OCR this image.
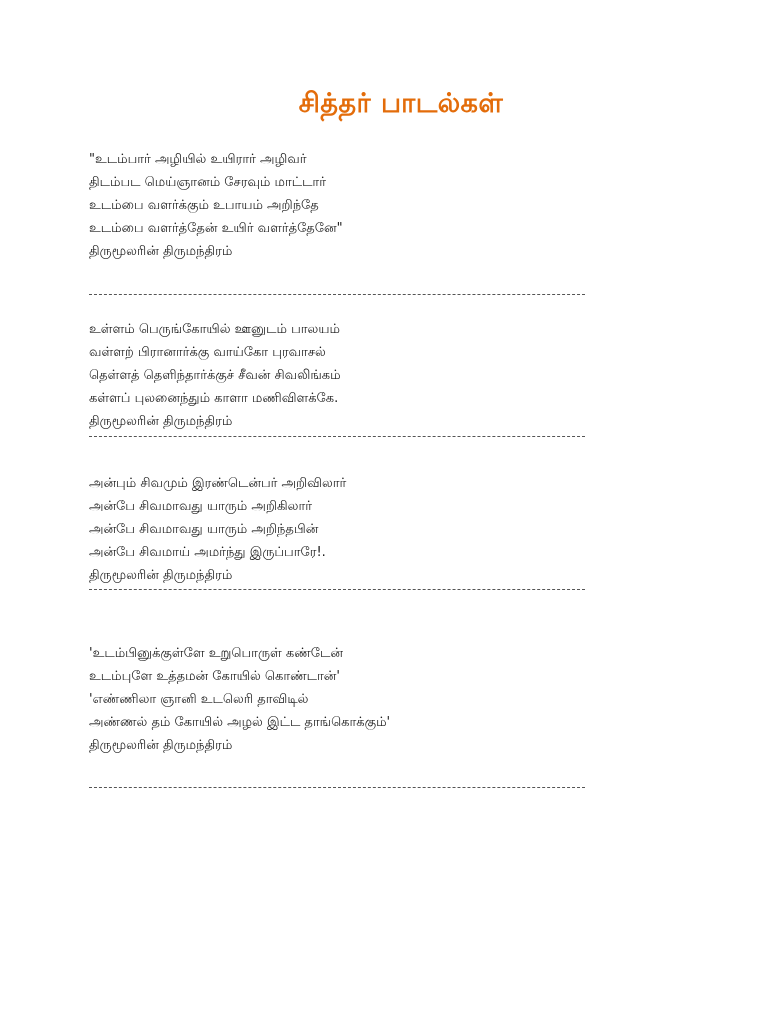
சித்தர் பாடல்கள்
"உடம்பார் அழியில் உயிரார் அழிவர்
திடம்பட மெய்ஞானம் சேரவும் மாட்டார்
உடம்பை வளர்க்கும் உபாயம் அறிந்தே
உடம்பை வளர்த்தேன் உயிர் வளர்த்தேனே"
திருமூலரின் திருமந்திரம்
உள்ளம் பெருங்கோயில் ஊனுடம் பாலயம்
வள்ளற் பிரானார்க்கு வாய்கோ புரவாசல்
தெள்ளத் தெளிந்தார்க்குச் சீவன் சிவலிங்கம்
கள்ளப் புலனைந்தும் காளா மணிவிளக்கே.
திருமூலரின் திருமந்திரம்
அன்பும் சிவமும் இரண்டென்பர் அறிவிலார்
அன்பே சிவமாவது யாரும் அறிகிலார்
அன்பே சிவமாவது யாரும் அறிந்தபின்
அன்பே சிவமாய் அமர்ந்து இருப்பாரே!.
திருமூலரின் திருமந்திரம்
'உடம்பினுக்குள்ளே உறுபொருள் கண்டேன்
உடம்புளே உத்தமன் கோயில் கொண்டான்'
'எண்ணிலா ஞானி உடலெரி தாவிடில்
அண்ணல் தம் கோயில் அழல் இட்ட தாங்கொக்கும்'
திருமூலரின் திருமந்திரம்
